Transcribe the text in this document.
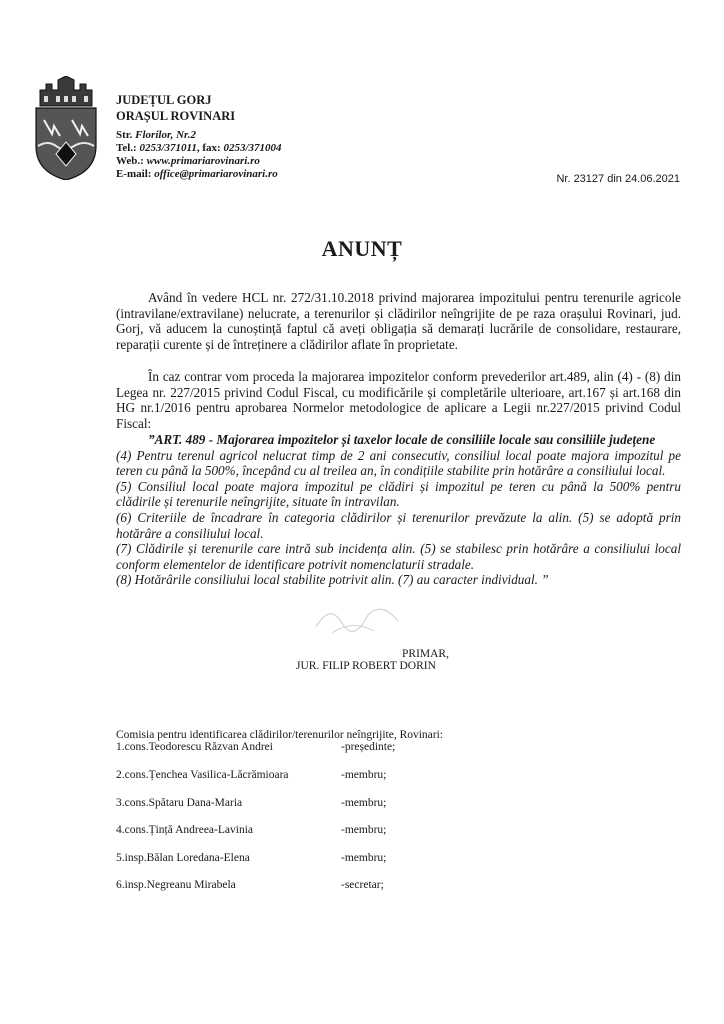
JUDEȚUL GORJ
ORAȘUL ROVINARI
Str. Florilor, Nr.2
Tel.: 0253/371011, fax: 0253/371004
Web.: www.primariarovinari.ro
E-mail: office@primariarovinari.ro	Nr. 23127 din 24.06.2021
ANUNȚ
Având în vedere HCL nr. 272/31.10.2018 privind majorarea impozitului pentru terenurile agricole (intravilane/extravilane) nelucrate, a terenurilor și clădirilor neîngrijite de pe raza orașului Rovinari, jud. Gorj, vă aducem la cunoștință faptul că aveți obligația să demarați lucrările de consolidare, restaurare, reparații curente și de întreținere a clădirilor aflate în proprietate.
În caz contrar vom proceda la majorarea impozitelor conform prevederilor art.489, alin (4) - (8) din Legea nr. 227/2015 privind Codul Fiscal, cu modificările și completările ulterioare, art.167 și art.168 din HG nr.1/2016 pentru aprobarea Normelor metodologice de aplicare a Legii nr.227/2015 privind Codul Fiscal:
”ART. 489 - Majorarea impozitelor și taxelor locale de consiliile locale sau consiliile județene

(4) Pentru terenul agricol nelucrat timp de 2 ani consecutiv, consiliul local poate majora impozitul pe teren cu până la 500%, începând cu al treilea an, în condițiile stabilite prin hotărâre a consiliului local.

(5) Consiliul local poate majora impozitul pe clădiri și impozitul pe teren cu până la 500% pentru clădirile și terenurile neîngrijite, situate în intravilan.

(6) Criteriile de încadrare în categoria clădirilor și terenurilor prevăzute la alin. (5) se adoptă prin hotărâre a consiliului local.

(7) Clădirile și terenurile care intră sub incidența alin. (5) se stabilesc prin hotărâre a consiliului local conform elementelor de identificare potrivit nomenclaturii stradale.

(8) Hotărârile consiliului local stabilite potrivit alin. (7) au caracter individual. ”

PRIMAR,
JUR. FILIP ROBERT DORIN
Comisia pentru identificarea clădirilor/terenurilor neîngrijite, Rovinari:
1.cons.Teodorescu Răzvan Andrei	-președinte;
2.cons.Țenchea Vasilica-Lăcrămioara	-membru;
3.cons.Spătaru Dana-Maria	-membru;
4.cons.Țință Andreea-Lavinia	-membru;
5.insp.Bălan Loredana-Elena	-membru;
6.insp.Negreanu Mirabela	-secretar;
